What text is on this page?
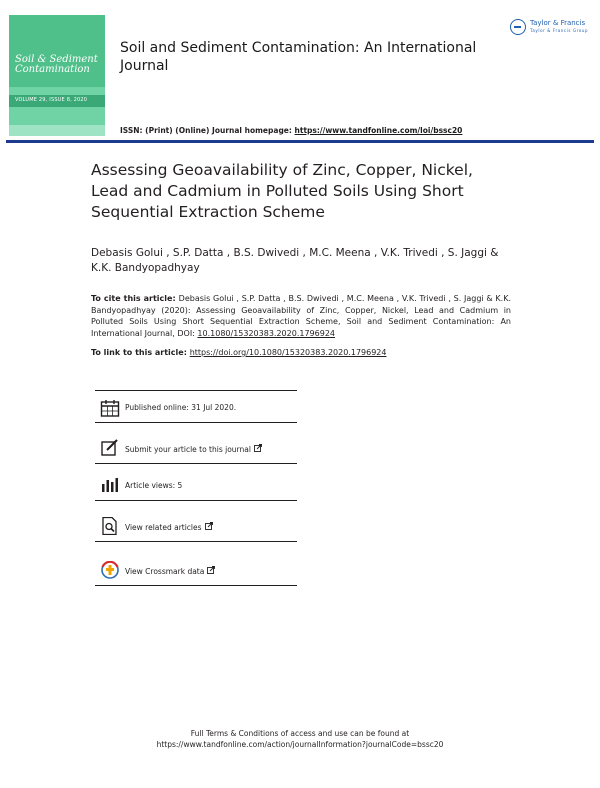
Soil & Sediment Contamination
VOLUME 29, ISSUE 8, 2020
Soil and Sediment Contamination: An International Journal
Taylor & Francis
Taylor & Francis Group
ISSN: (Print) (Online) Journal homepage: https://www.tandfonline.com/loi/bssc20
Assessing Geoavailability of Zinc, Copper, Nickel, Lead and Cadmium in Polluted Soils Using Short Sequential Extraction Scheme
Debasis Golui , S.P. Datta , B.S. Dwivedi , M.C. Meena , V.K. Trivedi , S. Jaggi & K.K. Bandyopadhyay
To cite this article: Debasis Golui , S.P. Datta , B.S. Dwivedi , M.C. Meena , V.K. Trivedi , S. Jaggi & K.K. Bandyopadhyay (2020): Assessing Geoavailability of Zinc, Copper, Nickel, Lead and Cadmium in Polluted Soils Using Short Sequential Extraction Scheme, Soil and Sediment Contamination: An International Journal, DOI: 10.1080/15320383.2020.1796924
To link to this article: https://doi.org/10.1080/15320383.2020.1796924
Published online: 31 Jul 2020.
Submit your article to this journal
Article views: 5
View related articles
View Crossmark data
Full Terms & Conditions of access and use can be found at
https://www.tandfonline.com/action/journalInformation?journalCode=bssc20
